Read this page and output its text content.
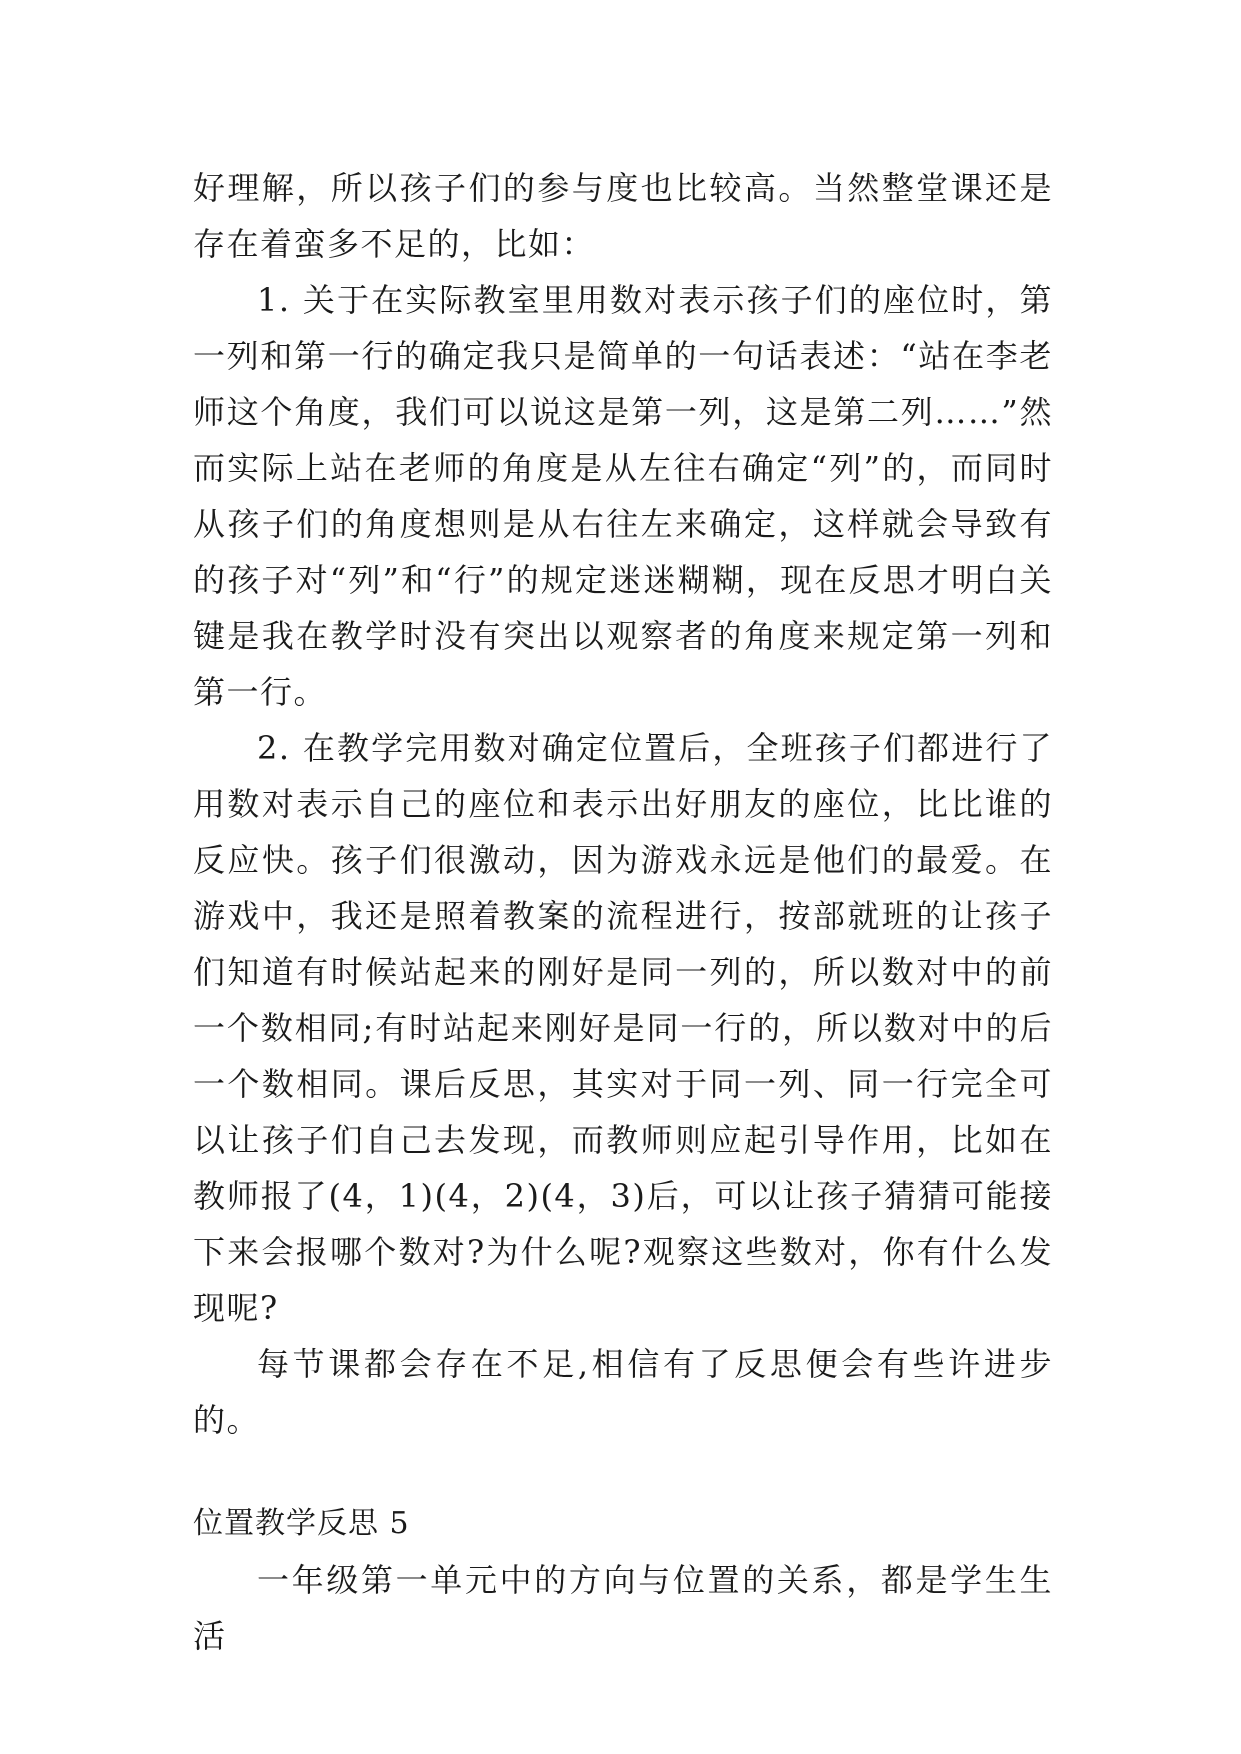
好理解，所以孩子们的参与度也比较高。当然整堂课还是存在着蛮多不足的，比如：

1. 关于在实际教室里用数对表示孩子们的座位时，第一列和第一行的确定我只是简单的一句话表述：“站在李老师这个角度，我们可以说这是第一列，这是第二列……”然而实际上站在老师的角度是从左往右确定“列”的，而同时从孩子们的角度想则是从右往左来确定，这样就会导致有的孩子对“列”和“行”的规定迷迷糊糊，现在反思才明白关键是我在教学时没有突出以观察者的角度来规定第一列和第一行。

2. 在教学完用数对确定位置后，全班孩子们都进行了用数对表示自己的座位和表示出好朋友的座位，比比谁的反应快。孩子们很激动，因为游戏永远是他们的最爱。在游戏中，我还是照着教案的流程进行，按部就班的让孩子们知道有时候站起来的刚好是同一列的，所以数对中的前一个数相同;有时站起来刚好是同一行的，所以数对中的后一个数相同。课后反思，其实对于同一列、同一行完全可以让孩子们自己去发现，而教师则应起引导作用，比如在教师报了(4，1)(4，2)(4，3)后，可以让孩子猜猜可能接下来会报哪个数对?为什么呢?观察这些数对，你有什么发现呢?

每节课都会存在不足,相信有了反思便会有些许进步的。

位置教学反思 5

一年级第一单元中的方向与位置的关系，都是学生生活
